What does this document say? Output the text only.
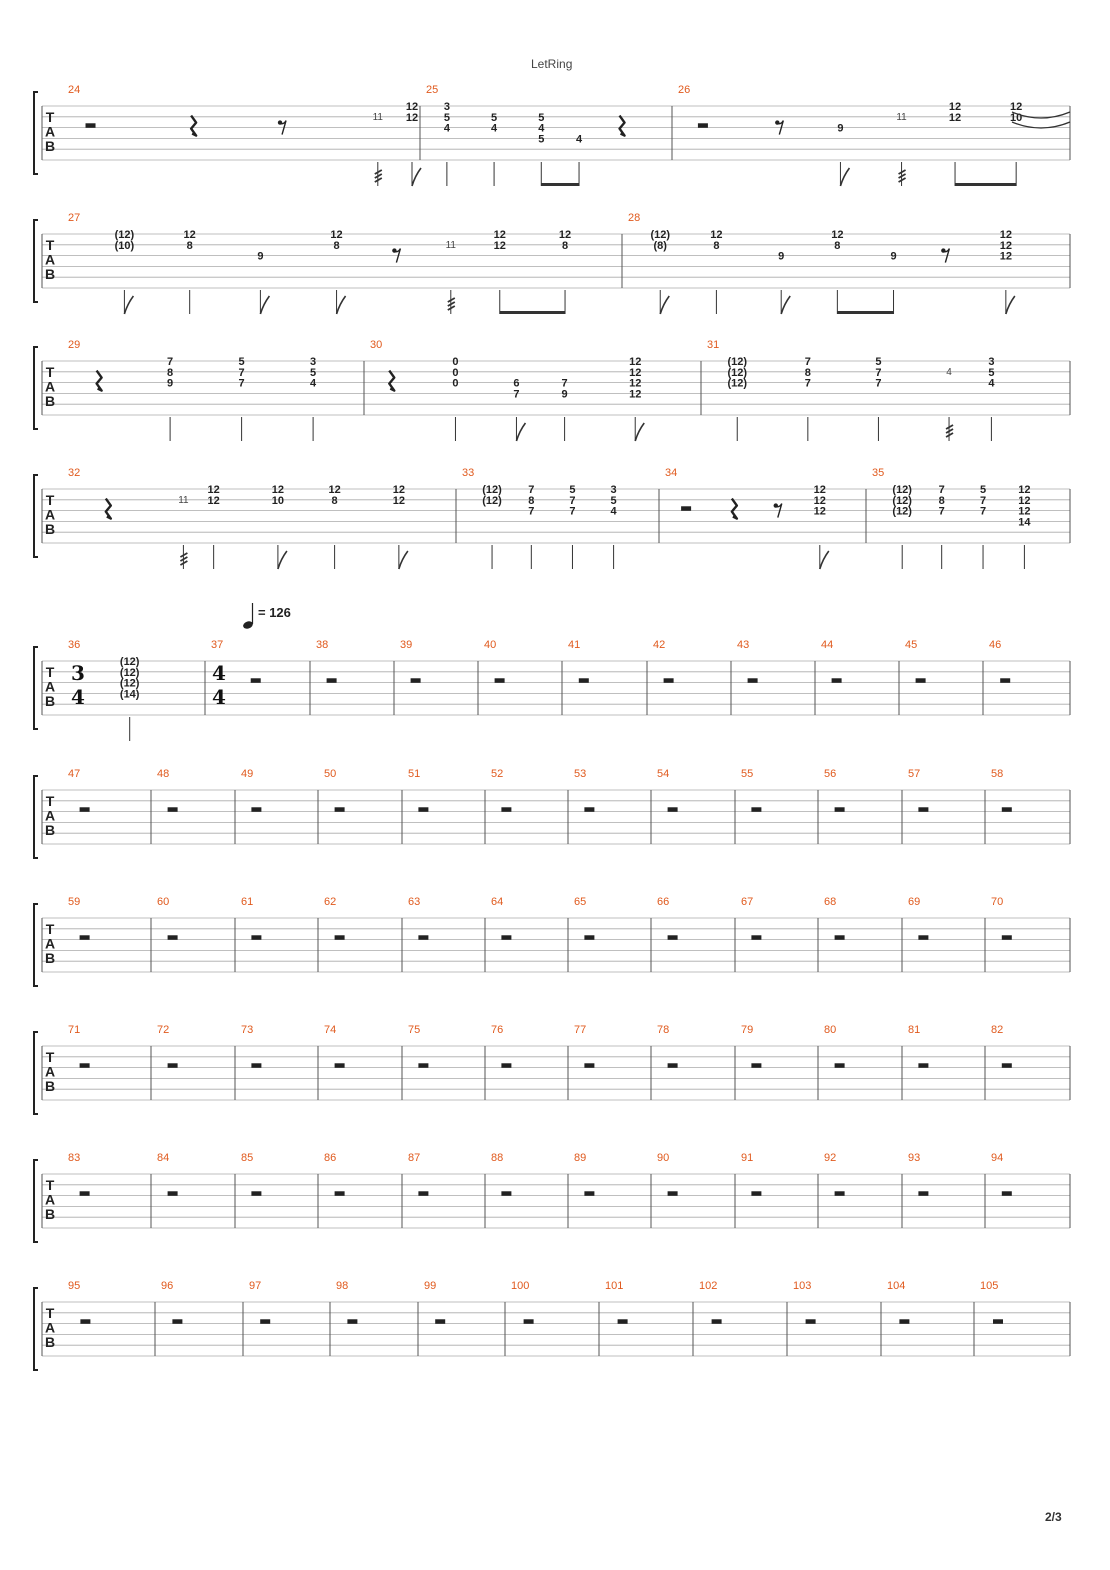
LetRing
T
A
B
24
11
12
12
25
3
5
4
5
4
5
4
5	4
26
9
11
12
12
12
10
T
A
B
27
(12)
(10)
12
8
9
12
8	11
12
12
12
8
28
(12)
(8)
12
8
9
12
8
9
12
12
12
T
A
B
29
7
8
9
5
7
7
3
5
4
30
0
0
0	6
7
7
9
12
12
12
12
31
(12)
(12)
(12)
7
8
7
5
7
7
4
3
5
4
T
A
B
32
11
12
12
12
10
12
8
12
12
33
(12)
(12)
7
8
7
5
7
7
3
5
4
34
12
12
12
35
(12)
(12)
(12)
7
8
7
5
7
7
12
12
12
14
T
A
B
36
(12)
(12)
(12)
(14)
37	38	39	40	41	42	43	44	45	46
3
4
4
4
T
A
B
47	48	49	50	51	52	53	54	55	56	57	58
T
A
B
59	60	61	62	63	64	65	66	67	68	69	70
T
A
B
71	72	73	74	75	76	77	78	79	80	81	82
T
A
B
83	84	85	86	87	88	89	90	91	92	93	94
T
A
B
95	96	97	98	99	100	101	102	103	104	105
= 126
2/3
